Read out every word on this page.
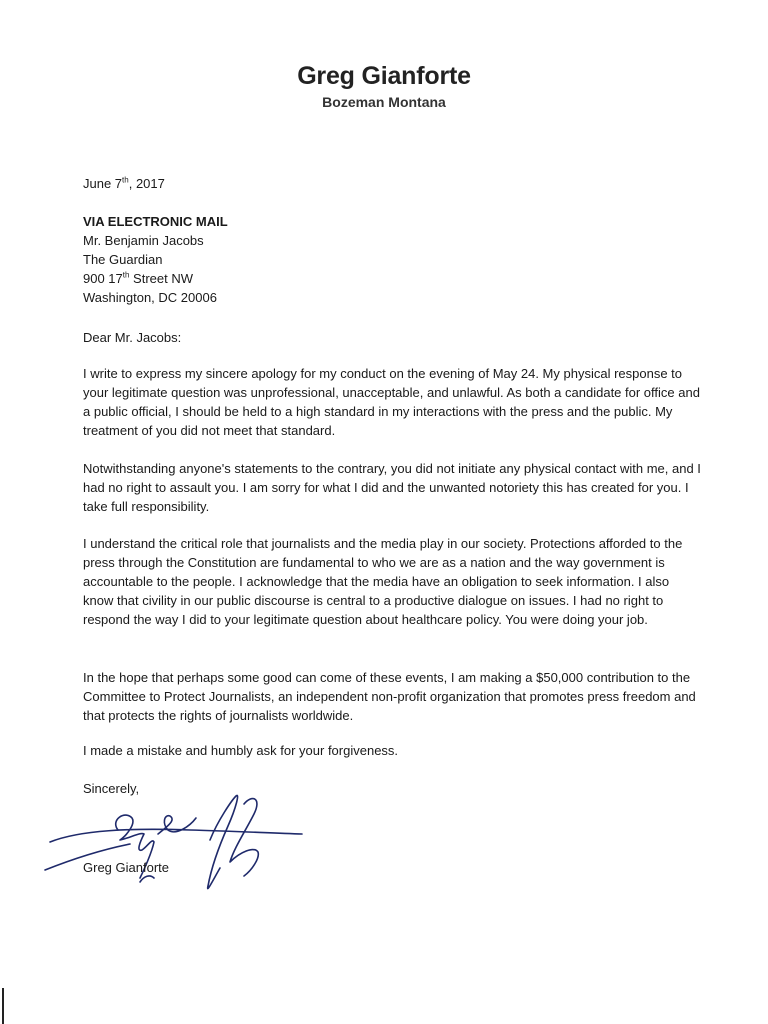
Greg Gianforte
Bozeman Montana
June 7th, 2017
VIA ELECTRONIC MAIL
Mr. Benjamin Jacobs
The Guardian
900 17th Street NW
Washington, DC 20006
Dear Mr. Jacobs:
I write to express my sincere apology for my conduct on the evening of May 24. My physical response to your legitimate question was unprofessional, unacceptable, and unlawful. As both a candidate for office and a public official, I should be held to a high standard in my interactions with the press and the public. My treatment of you did not meet that standard.
Notwithstanding anyone's statements to the contrary, you did not initiate any physical contact with me, and I had no right to assault you. I am sorry for what I did and the unwanted notoriety this has created for you. I take full responsibility.
I understand the critical role that journalists and the media play in our society. Protections afforded to the press through the Constitution are fundamental to who we are as a nation and the way government is accountable to the people. I acknowledge that the media have an obligation to seek information. I also know that civility in our public discourse is central to a productive dialogue on issues. I had no right to respond the way I did to your legitimate question about healthcare policy. You were doing your job.
In the hope that perhaps some good can come of these events, I am making a $50,000 contribution to the Committee to Protect Journalists, an independent non-profit organization that promotes press freedom and that protects the rights of journalists worldwide.
I made a mistake and humbly ask for your forgiveness.
Sincerely,
Greg Gianforte
